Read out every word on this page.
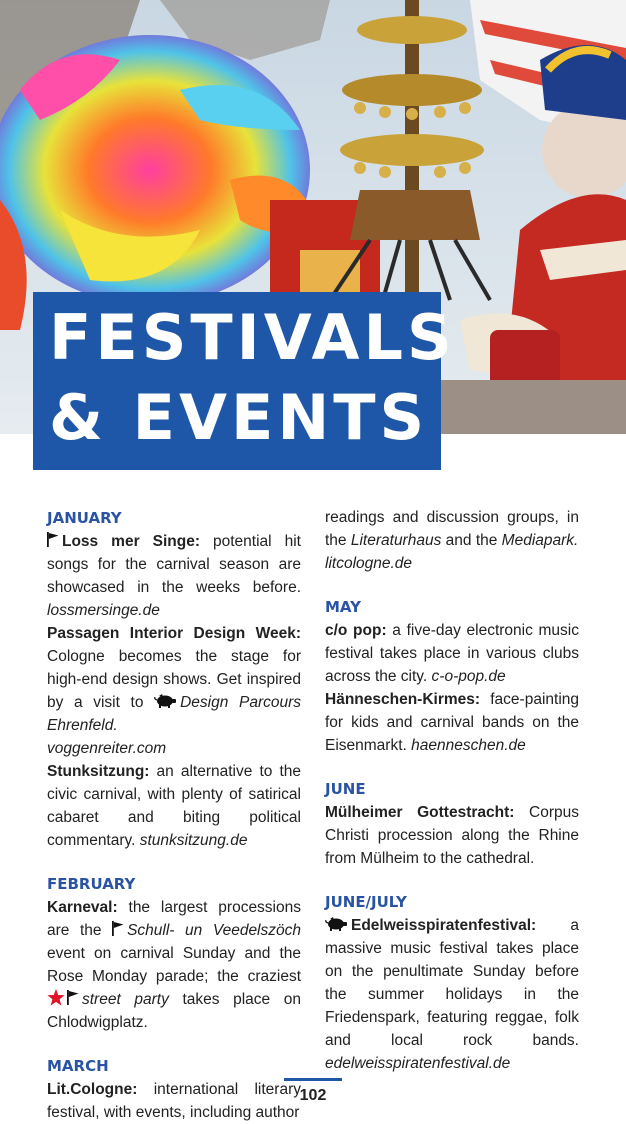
FESTIVALS
& EVENTS
JANUARY

Loss mer Singe: potential hit songs for the carnival season are showcased in the weeks before. lossmersinge.de

Passagen Interior Design Week: Cologne becomes the stage for high-end design shows. Get inspired by a visit to Design Parcours Ehrenfeld.
voggenreiter.com

Stunksitzung: an alternative to the civic carnival, with plenty of satirical cabaret and biting political commentary. stunksitzung.de

FEBRUARY

Karneval: the largest processions are the Schull- un Veedelszöch event on carnival Sunday and the Rose Monday parade; the craziest street party takes place on Chlodwigplatz.

MARCH

Lit.Cologne: international literary festival, with events, including author

readings and discussion groups, in the Literaturhaus and the Mediapark.
litcologne.de

MAY

c/o pop: a five-day electronic music festival takes place in various clubs across the city. c-o-pop.de

Hänneschen-Kirmes: face-painting for kids and carnival bands on the Eisenmarkt. haenneschen.de

JUNE

Mülheimer Gottestracht: Corpus Christi procession along the Rhine from Mülheim to the cathedral.

JUNE/JULY

Edelweisspiratenfestival: a massive music festival takes place on the penultimate Sunday before the summer holidays in the Friedenspark, featuring reggae, folk and local rock bands. edelweisspiratenfestival.de

102
